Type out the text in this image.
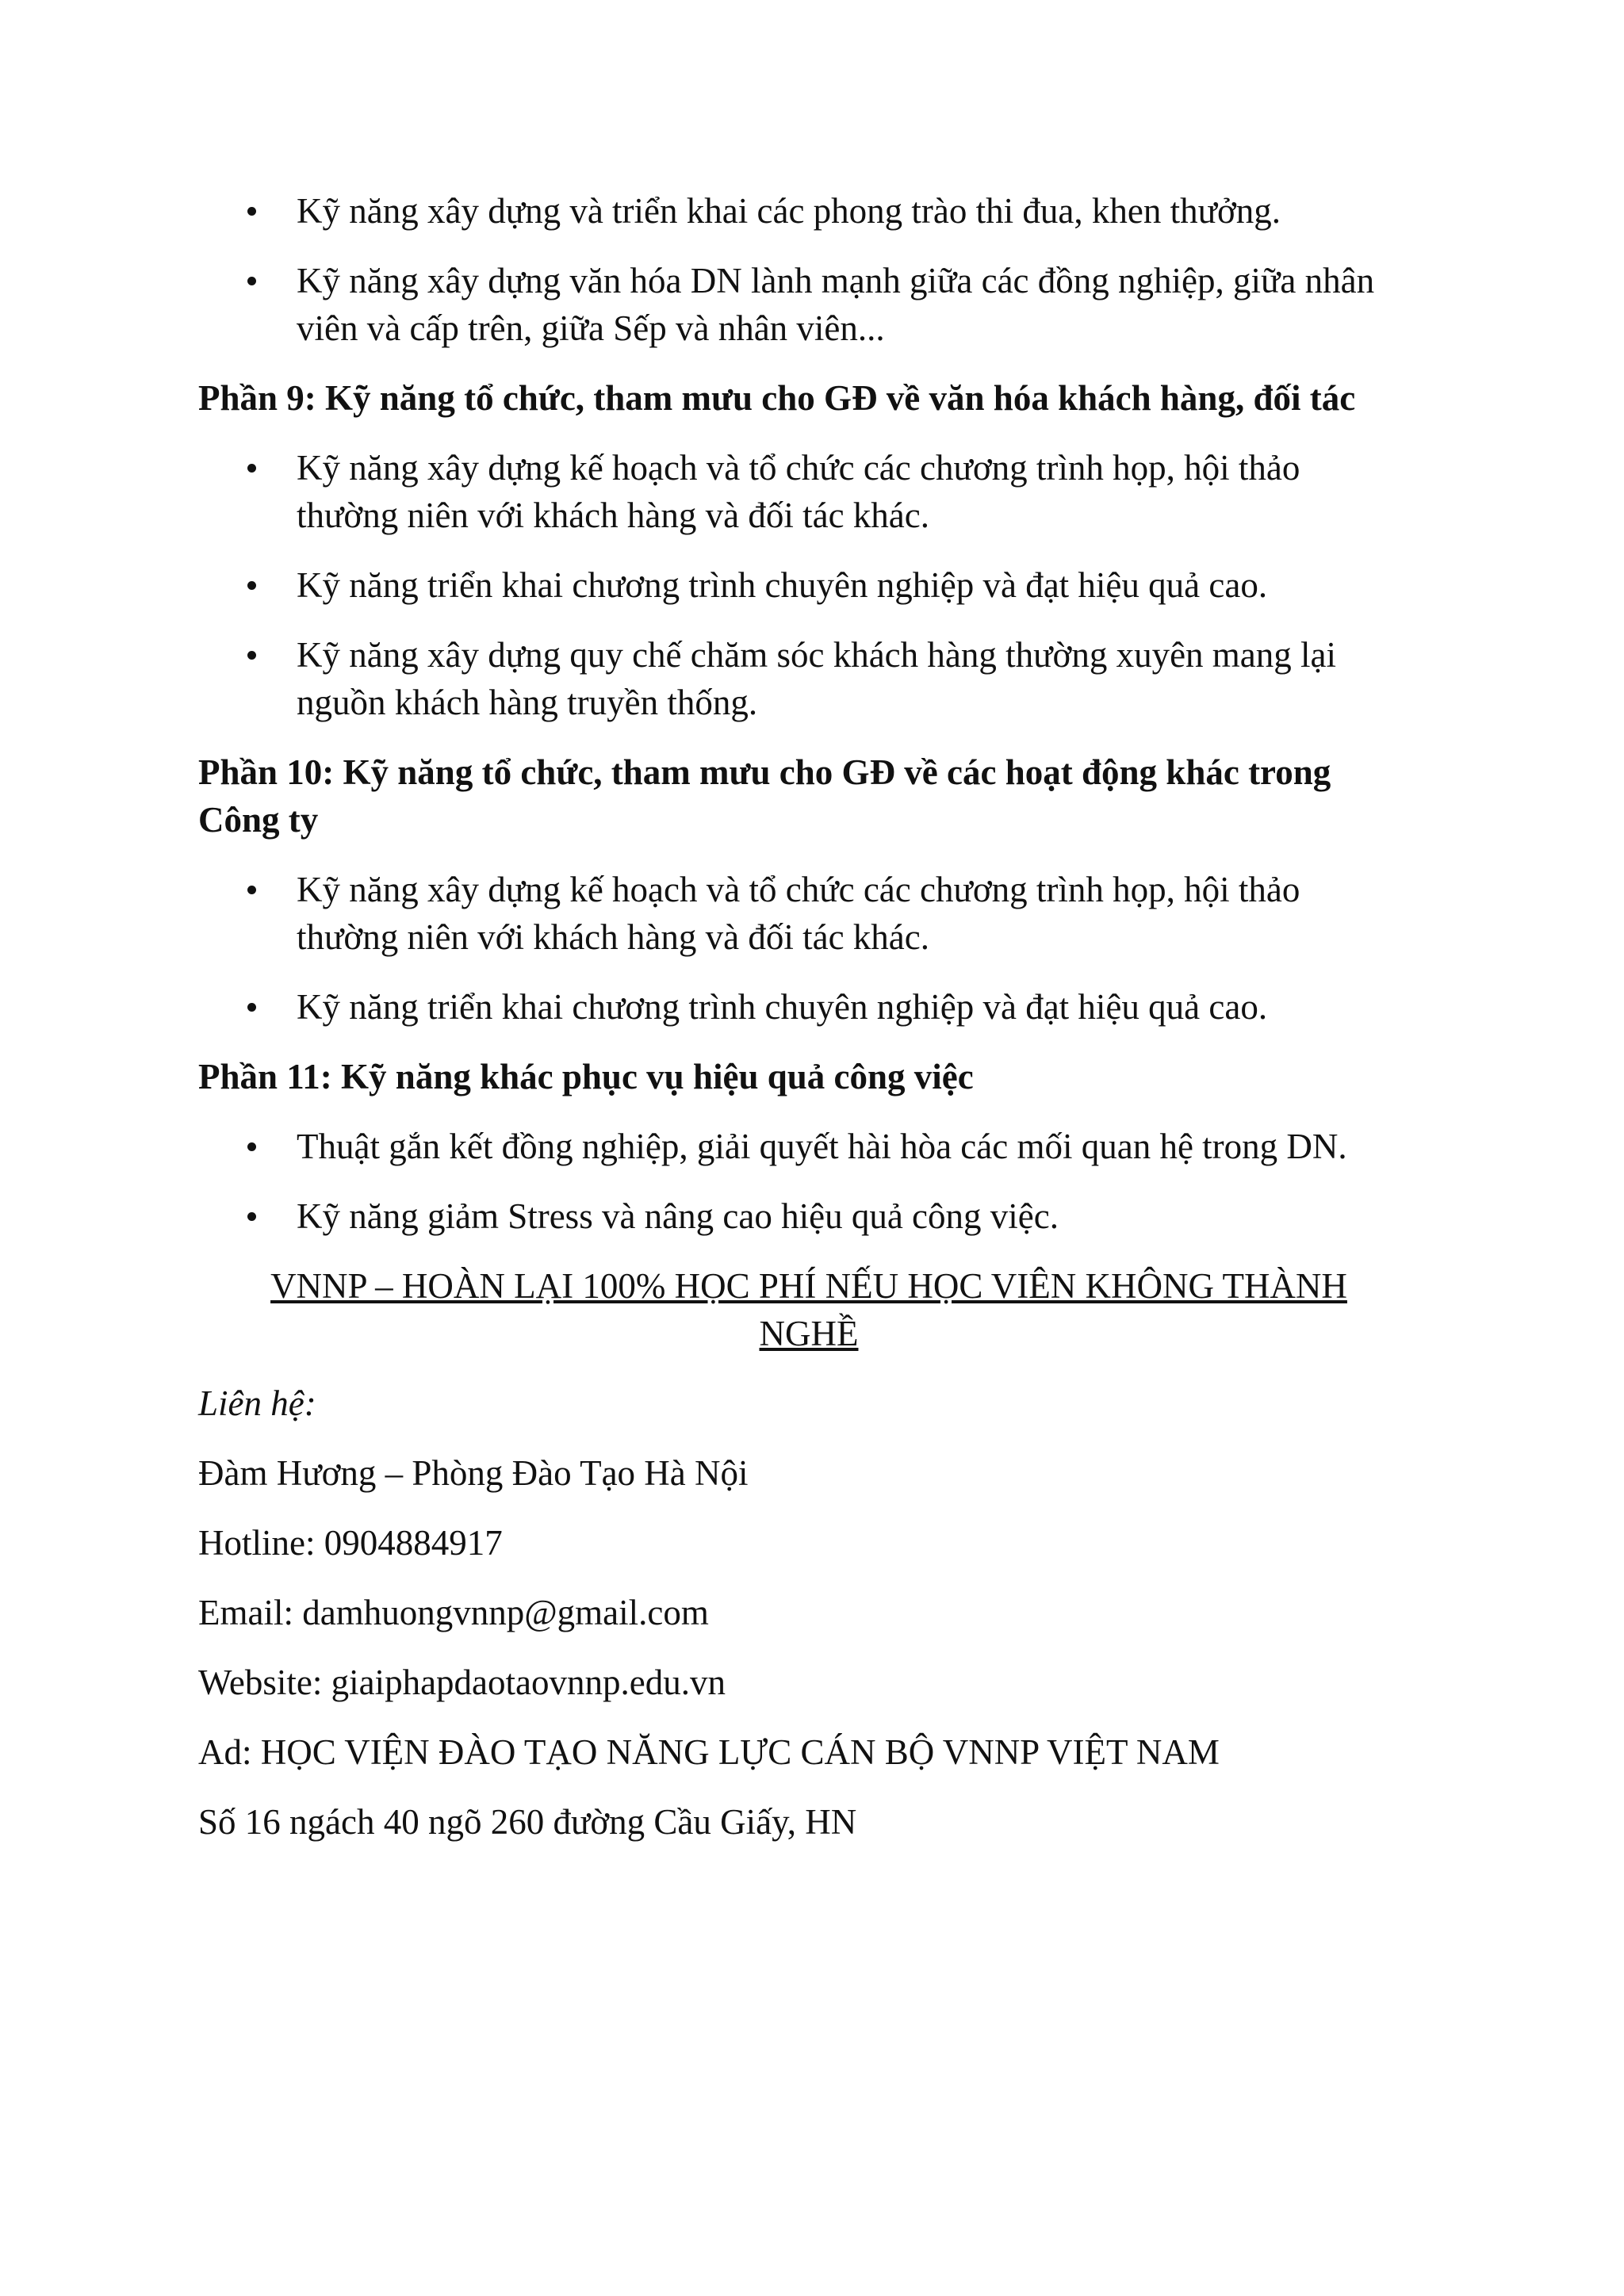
Kỹ năng xây dựng và triển khai các phong trào thi đua, khen thưởng.
Kỹ năng xây dựng văn hóa DN lành mạnh giữa các đồng nghiệp, giữa nhân viên và cấp trên, giữa Sếp và nhân viên...
Phần 9: Kỹ năng tổ chức, tham mưu cho GĐ về văn hóa khách hàng, đối tác
Kỹ năng xây dựng kế hoạch và tổ chức các chương trình họp, hội thảo thường niên với khách hàng và đối tác khác.
Kỹ năng triển khai chương trình chuyên nghiệp và đạt hiệu quả cao.
Kỹ năng xây dựng quy chế chăm sóc khách hàng thường xuyên mang lại nguồn khách hàng truyền thống.
Phần 10: Kỹ năng tổ chức, tham mưu cho GĐ về các hoạt động khác trong Công ty
Kỹ năng xây dựng kế hoạch và tổ chức các chương trình họp, hội thảo thường niên với khách hàng và đối tác khác.
Kỹ năng triển khai chương trình chuyên nghiệp và đạt hiệu quả cao.
Phần 11: Kỹ năng khác phục vụ hiệu quả công việc
Thuật gắn kết đồng nghiệp, giải quyết hài hòa các mối quan hệ trong DN.
Kỹ năng giảm Stress và nâng cao hiệu quả công việc.

VNNP – HOÀN LẠI 100% HỌC PHÍ NẾU HỌC VIÊN KHÔNG THÀNH NGHỀ

Liên hệ:

Đàm Hương – Phòng Đào Tạo Hà Nội

Hotline: 0904884917

Email: damhuongvnnp@gmail.com

Website: giaiphapdaotaovnnp.edu.vn

Ad: HỌC VIỆN ĐÀO TẠO NĂNG LỰC CÁN BỘ VNNP VIỆT NAM

Số 16 ngách 40 ngõ 260 đường Cầu Giấy, HN
